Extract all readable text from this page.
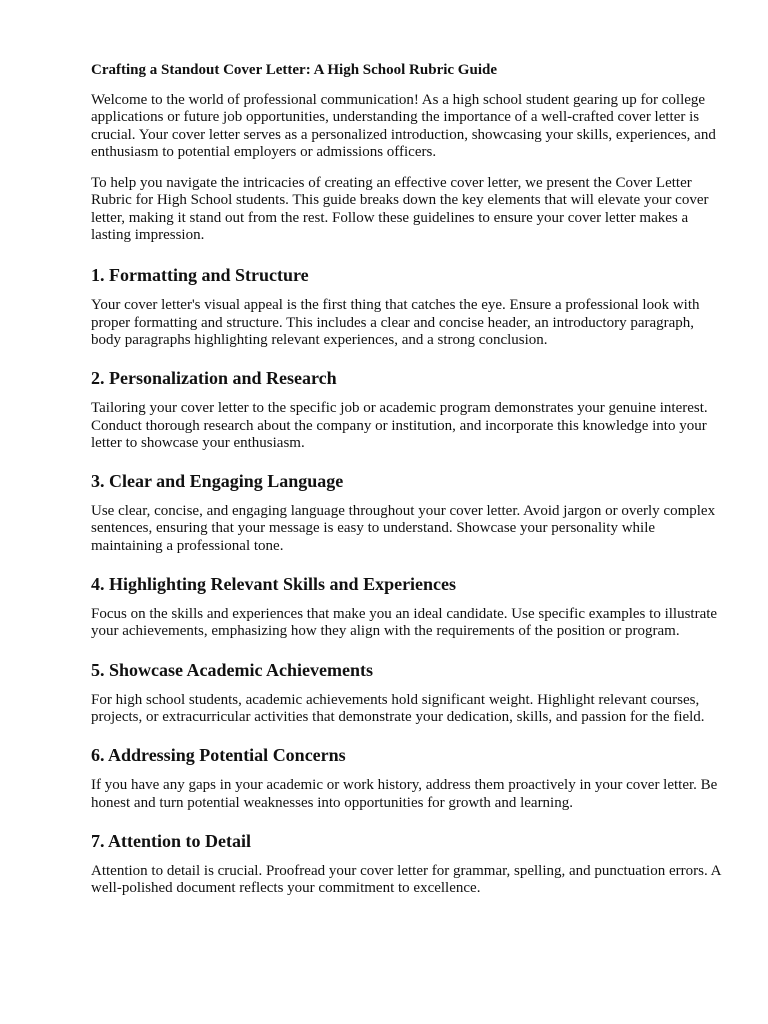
Crafting a Standout Cover Letter: A High School Rubric Guide

Welcome to the world of professional communication! As a high school student gearing up for college applications or future job opportunities, understanding the importance of a well-crafted cover letter is crucial. Your cover letter serves as a personalized introduction, showcasing your skills, experiences, and enthusiasm to potential employers or admissions officers.

To help you navigate the intricacies of creating an effective cover letter, we present the Cover Letter Rubric for High School students. This guide breaks down the key elements that will elevate your cover letter, making it stand out from the rest. Follow these guidelines to ensure your cover letter makes a lasting impression.

1. Formatting and Structure

Your cover letter's visual appeal is the first thing that catches the eye. Ensure a professional look with proper formatting and structure. This includes a clear and concise header, an introductory paragraph, body paragraphs highlighting relevant experiences, and a strong conclusion.

2. Personalization and Research

Tailoring your cover letter to the specific job or academic program demonstrates your genuine interest. Conduct thorough research about the company or institution, and incorporate this knowledge into your letter to showcase your enthusiasm.

3. Clear and Engaging Language

Use clear, concise, and engaging language throughout your cover letter. Avoid jargon or overly complex sentences, ensuring that your message is easy to understand. Showcase your personality while maintaining a professional tone.

4. Highlighting Relevant Skills and Experiences

Focus on the skills and experiences that make you an ideal candidate. Use specific examples to illustrate your achievements, emphasizing how they align with the requirements of the position or program.

5. Showcase Academic Achievements

For high school students, academic achievements hold significant weight. Highlight relevant courses, projects, or extracurricular activities that demonstrate your dedication, skills, and passion for the field.

6. Addressing Potential Concerns

If you have any gaps in your academic or work history, address them proactively in your cover letter. Be honest and turn potential weaknesses into opportunities for growth and learning.

7. Attention to Detail

Attention to detail is crucial. Proofread your cover letter for grammar, spelling, and punctuation errors. A well-polished document reflects your commitment to excellence.
